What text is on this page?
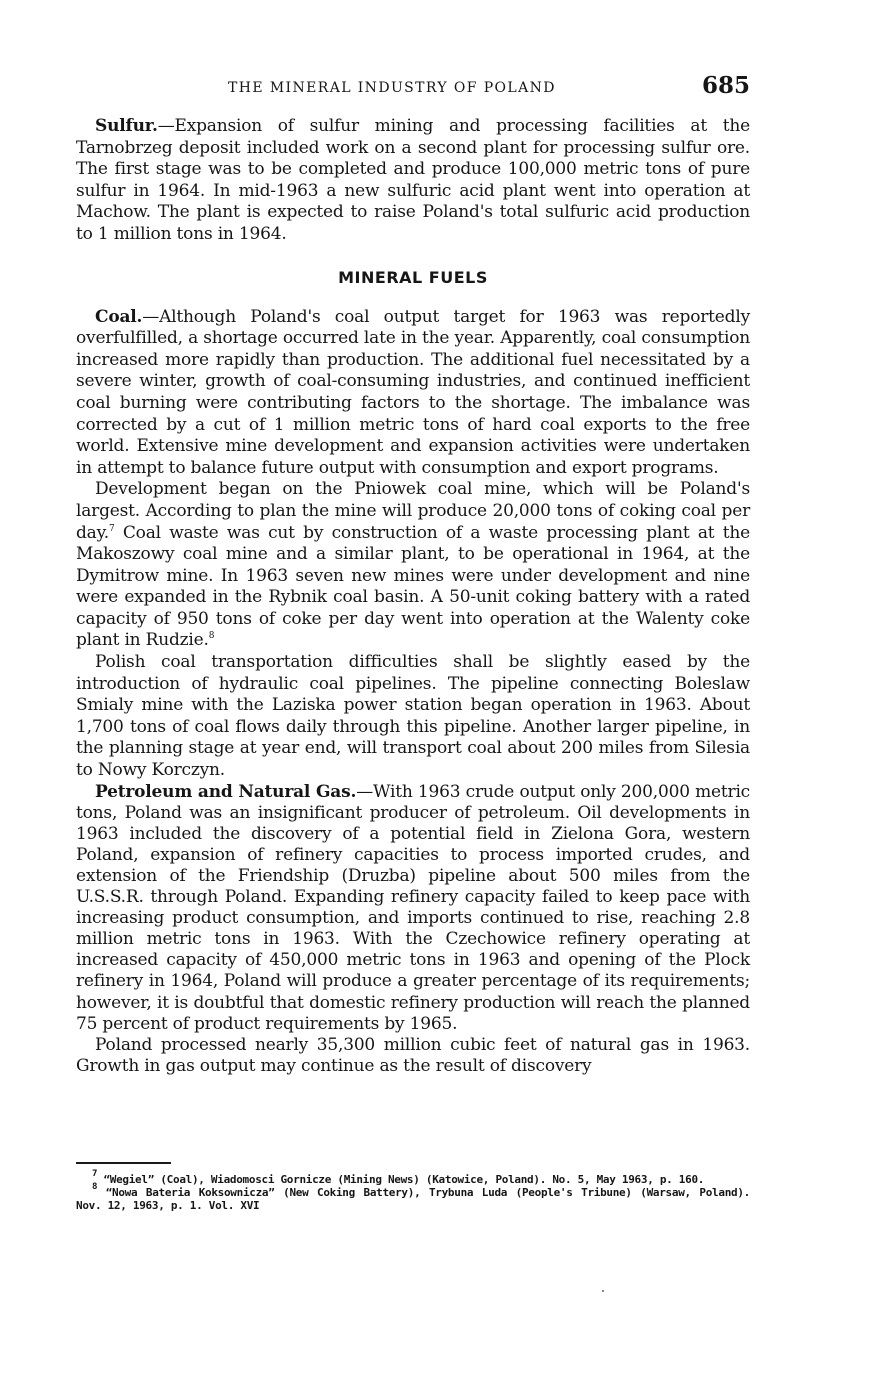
THE MINERAL INDUSTRY OF POLAND	685

Sulfur.—Expansion of sulfur mining and processing facilities at the Tarnobrzeg deposit included work on a second plant for processing sulfur ore. The first stage was to be completed and produce 100,000 metric tons of pure sulfur in 1964. In mid-1963 a new sulfuric acid plant went into operation at Machow. The plant is expected to raise Poland's total sulfuric acid production to 1 million tons in 1964.

MINERAL FUELS

Coal.—Although Poland's coal output target for 1963 was reportedly overfulfilled, a shortage occurred late in the year. Apparently, coal consumption increased more rapidly than production. The additional fuel necessitated by a severe winter, growth of coal-consuming industries, and continued inefficient coal burning were contributing factors to the shortage. The imbalance was corrected by a cut of 1 million metric tons of hard coal exports to the free world. Extensive mine development and expansion activities were undertaken in attempt to balance future output with consumption and export programs.

Development began on the Pniowek coal mine, which will be Poland's largest. According to plan the mine will produce 20,000 tons of coking coal per day.$^7$ Coal waste was cut by construction of a waste processing plant at the Makoszowy coal mine and a similar plant, to be operational in 1964, at the Dymitrow mine. In 1963 seven new mines were under development and nine were expanded in the Rybnik coal basin. A 50-unit coking battery with a rated capacity of 950 tons of coke per day went into operation at the Walenty coke plant in Rudzie.$^8$

Polish coal transportation difficulties shall be slightly eased by the introduction of hydraulic coal pipelines. The pipeline connecting Boleslaw Smialy mine with the Laziska power station began operation in 1963. About 1,700 tons of coal flows daily through this pipeline. Another larger pipeline, in the planning stage at year end, will transport coal about 200 miles from Silesia to Nowy Korczyn.

Petroleum and Natural Gas.—With 1963 crude output only 200,000 metric tons, Poland was an insignificant producer of petroleum. Oil developments in 1963 included the discovery of a potential field in Zielona Gora, western Poland, expansion of refinery capacities to process imported crudes, and extension of the Friendship (Druzba) pipeline about 500 miles from the U.S.S.R. through Poland. Expanding refinery capacity failed to keep pace with increasing product consumption, and imports continued to rise, reaching 2.8 million metric tons in 1963. With the Czechowice refinery operating at increased capacity of 450,000 metric tons in 1963 and opening of the Plock refinery in 1964, Poland will produce a greater percentage of its requirements; however, it is doubtful that domestic refinery production will reach the planned 75 percent of product requirements by 1965.

Poland processed nearly 35,300 million cubic feet of natural gas in 1963. Growth in gas output may continue as the result of discovery

$^7$ “Wegiel” (Coal), Wiadomosci Gornicze (Mining News) (Katowice, Poland). No. 5, May 1963, p. 160.
$^8$ “Nowa Bateria Koksownicza” (New Coking Battery), Trybuna Luda (People's Tribune) (Warsaw, Poland). Nov. 12, 1963, p. 1. Vol. XVI
